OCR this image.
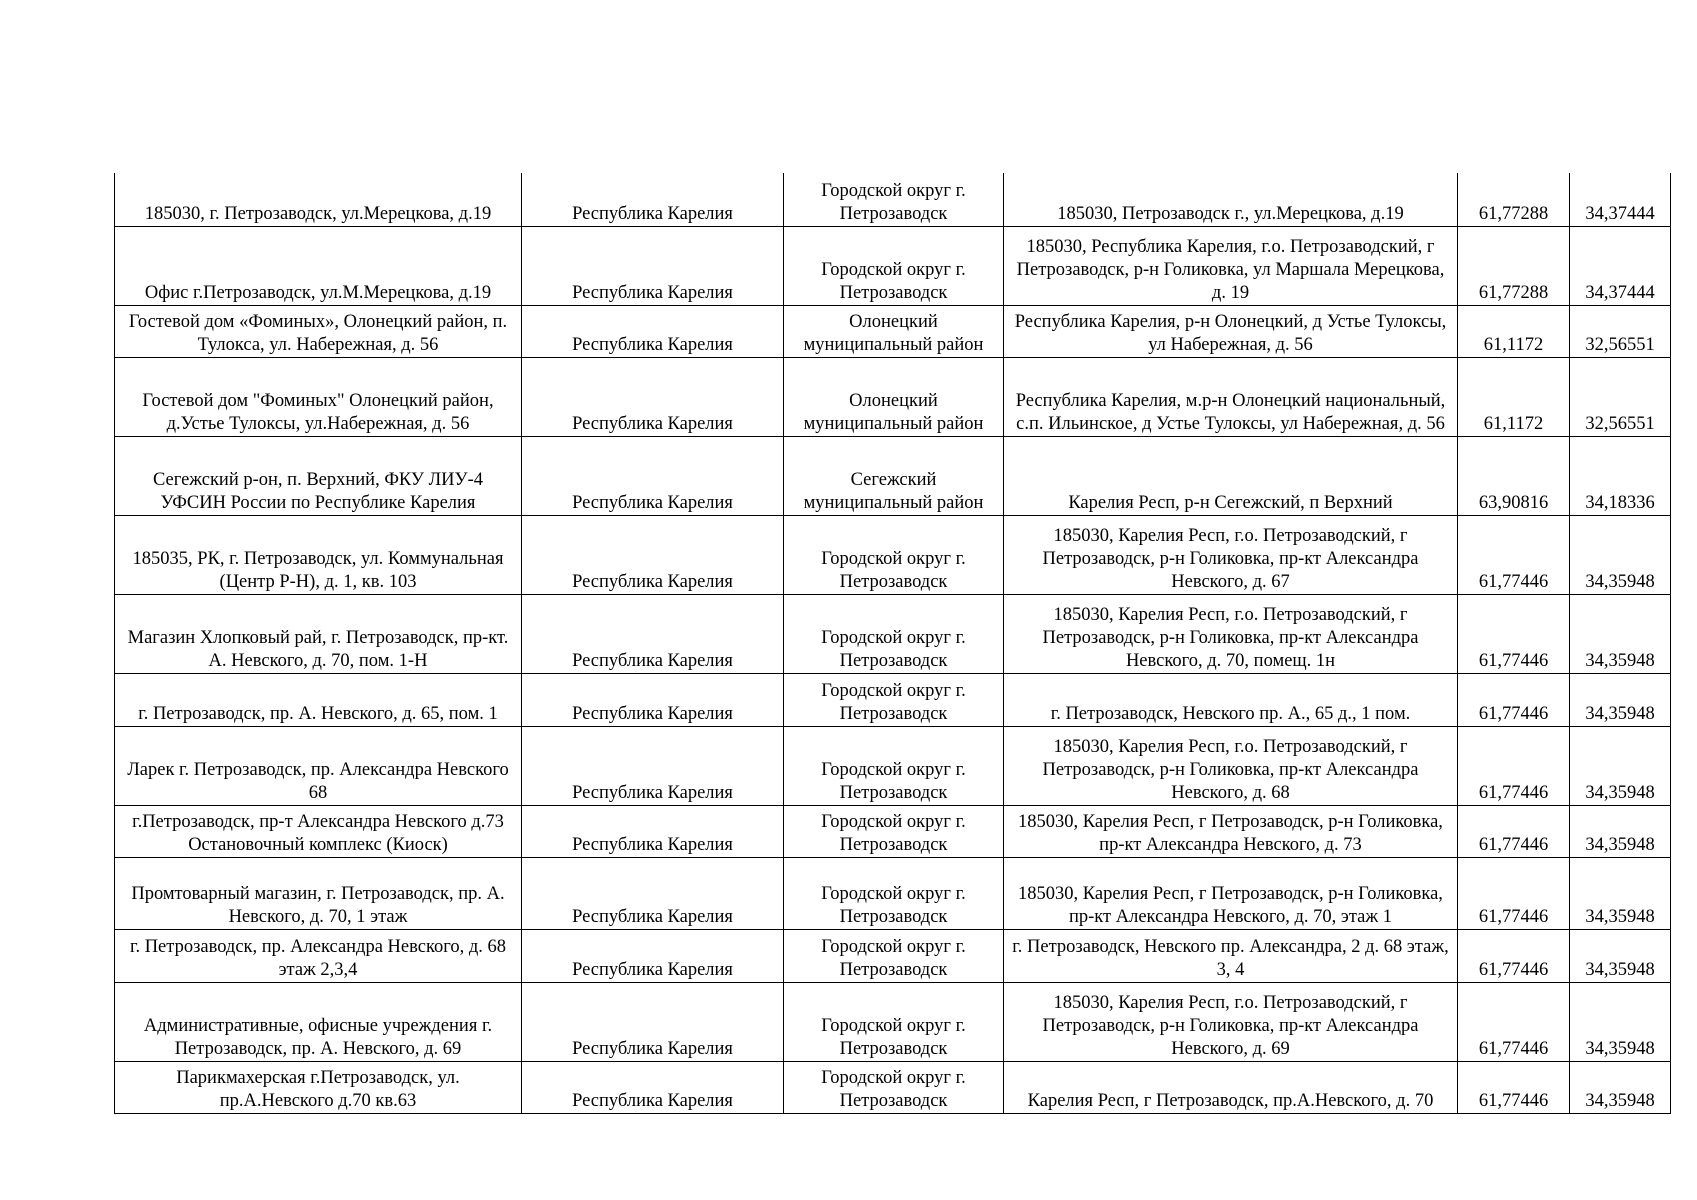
185030, г. Петрозаводск, ул.Мерецкова, д.19	Республика Карелия	Городской округ г. Петрозаводск	185030, Петрозаводск г., ул.Мерецкова, д.19	61,77288	34,37444
Офис г.Петрозаводск, ул.М.Мерецкова, д.19	Республика Карелия	Городской округ г. Петрозаводск	185030, Республика Карелия, г.о. Петрозаводский, г Петрозаводск, р-н Голиковка, ул Маршала Мерецкова, д. 19	61,77288	34,37444
Гостевой дом «Фоминых», Олонецкий район, п. Тулокса, ул. Набережная, д. 56	Республика Карелия	Олонецкий муниципальный район	Республика Карелия, р-н Олонецкий, д Устье Тулоксы, ул Набережная, д. 56	61,1172	32,56551
Гостевой дом "Фоминых" Олонецкий район, д.Устье Тулоксы, ул.Набережная, д. 56	Республика Карелия	Олонецкий муниципальный район	Республика Карелия, м.р-н Олонецкий национальный, с.п. Ильинское, д Устье Тулоксы, ул Набережная, д. 56	61,1172	32,56551
Сегежский р-он, п. Верхний, ФКУ ЛИУ-4 УФСИН России по Республике Карелия	Республика Карелия	Сегежский муниципальный район	Карелия Респ, р-н Сегежский, п Верхний	63,90816	34,18336
185035, РК, г. Петрозаводск, ул. Коммунальная (Центр Р-Н), д. 1, кв. 103	Республика Карелия	Городской округ г. Петрозаводск	185030, Карелия Респ, г.о. Петрозаводский, г Петрозаводск, р-н Голиковка, пр-кт Александра Невского, д. 67	61,77446	34,35948
Магазин Хлопковый рай, г. Петрозаводск, пр-кт. А. Невского, д. 70, пом. 1-Н	Республика Карелия	Городской округ г. Петрозаводск	185030, Карелия Респ, г.о. Петрозаводский, г Петрозаводск, р-н Голиковка, пр-кт Александра Невского, д. 70, помещ. 1н	61,77446	34,35948
г. Петрозаводск, пр. А. Невского, д. 65, пом. 1	Республика Карелия	Городской округ г. Петрозаводск	г. Петрозаводск, Невского пр. А., 65 д., 1 пом.	61,77446	34,35948
Ларек г. Петрозаводск, пр. Александра Невского 68	Республика Карелия	Городской округ г. Петрозаводск	185030, Карелия Респ, г.о. Петрозаводский, г Петрозаводск, р-н Голиковка, пр-кт Александра Невского, д. 68	61,77446	34,35948
г.Петрозаводск, пр-т Александра Невского д.73 Остановочный комплекс (Киоск)	Республика Карелия	Городской округ г. Петрозаводск	185030, Карелия Респ, г Петрозаводск, р-н Голиковка, пр-кт Александра Невского, д. 73	61,77446	34,35948
Промтоварный магазин, г. Петрозаводск, пр. А. Невского, д. 70, 1 этаж	Республика Карелия	Городской округ г. Петрозаводск	185030, Карелия Респ, г Петрозаводск, р-н Голиковка, пр-кт Александра Невского, д. 70, этаж 1	61,77446	34,35948
г. Петрозаводск, пр. Александра Невского, д. 68 этаж 2,3,4	Республика Карелия	Городской округ г. Петрозаводск	г. Петрозаводск, Невского пр. Александра, 2 д. 68 этаж, 3, 4	61,77446	34,35948
Административные, офисные учреждения г. Петрозаводск, пр. А. Невского, д. 69	Республика Карелия	Городской округ г. Петрозаводск	185030, Карелия Респ, г.о. Петрозаводский, г Петрозаводск, р-н Голиковка, пр-кт Александра Невского, д. 69	61,77446	34,35948
Парикмахерская г.Петрозаводск, ул. пр.А.Невского д.70 кв.63	Республика Карелия	Городской округ г. Петрозаводск	Карелия Респ, г Петрозаводск, пр.А.Невского, д. 70	61,77446	34,35948
